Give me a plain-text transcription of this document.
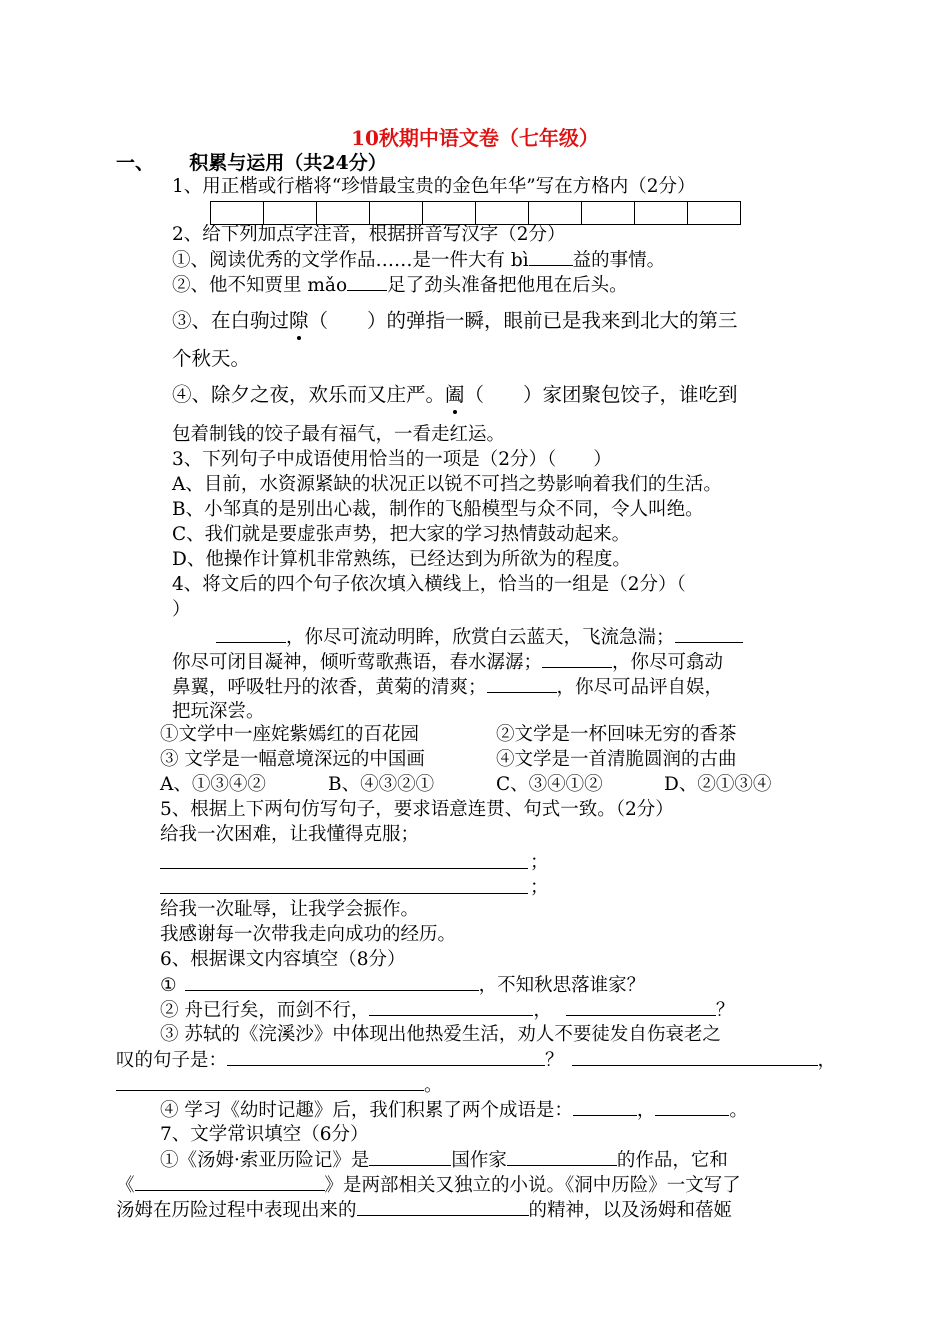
10秋期中语文卷（七年级）
一、 积累与运用（共24分）
1、用正楷或行楷将“珍惜最宝贵的金色年华”写在方格内（2分）
2、给下列加点字注音，根据拼音写汉字（2分）
①、阅读优秀的文学作品……是一件大有 bì 益的事情。
②、他不知贾里 mǎo 足了劲头准备把他甩在后头。
③、在白驹过隙（　　）的弹指一瞬，眼前已是我来到北大的第三
个秋天。
④、除夕之夜，欢乐而又庄严。阖（　　）家团聚包饺子，谁吃到
包着制钱的饺子最有福气，一看走红运。
3、下列句子中成语使用恰当的一项是（2分）（　　）
A、目前，水资源紧缺的状况正以锐不可挡之势影响着我们的生活。
B、小邹真的是别出心裁，制作的飞船模型与众不同，令人叫绝。
C、我们就是要虚张声势，把大家的学习热情鼓动起来。
D、他操作计算机非常熟练，已经达到为所欲为的程度。
4、将文后的四个句子依次填入横线上，恰当的一组是（2分）（
）
，你尽可流动明眸，欣赏白云蓝天，飞流急湍；
你尽可闭目凝神，倾听莺歌燕语，春水潺潺；	，你尽可翕动
鼻翼，呼吸牡丹的浓香，黄菊的清爽；	，你尽可品评自娱，
把玩深尝。
①文学中一座姹紫嫣红的百花园	②文学是一杯回味无穷的香茶
③ 文学是一幅意境深远的中国画	④文学是一首清脆圆润的古曲
A、①③④②	B、④③②①	C、③④①②	D、②①③④
5、根据上下两句仿写句子，要求语意连贯、句式一致。（2分）
给我一次困难，让我懂得克服；
；
；
给我一次耻辱，让我学会振作。
我感谢每一次带我走向成功的经历。
6、根据课文内容填空（8分）
①	，不知秋思落谁家？
② 舟已行矣，而剑不行，	，	？
③ 苏轼的《浣溪沙》中体现出他热爱生活，劝人不要徒发自伤衰老之
叹的句子是：	？	，
。
④ 学习《幼时记趣》后，我们积累了两个成语是：	，	。
7、文学常识填空（6分）
①《汤姆·索亚历险记》是	国作家	的作品，它和
《	》是两部相关又独立的小说。《洞中历险》一文写了
汤姆在历险过程中表现出来的	的精神，以及汤姆和蓓姬
